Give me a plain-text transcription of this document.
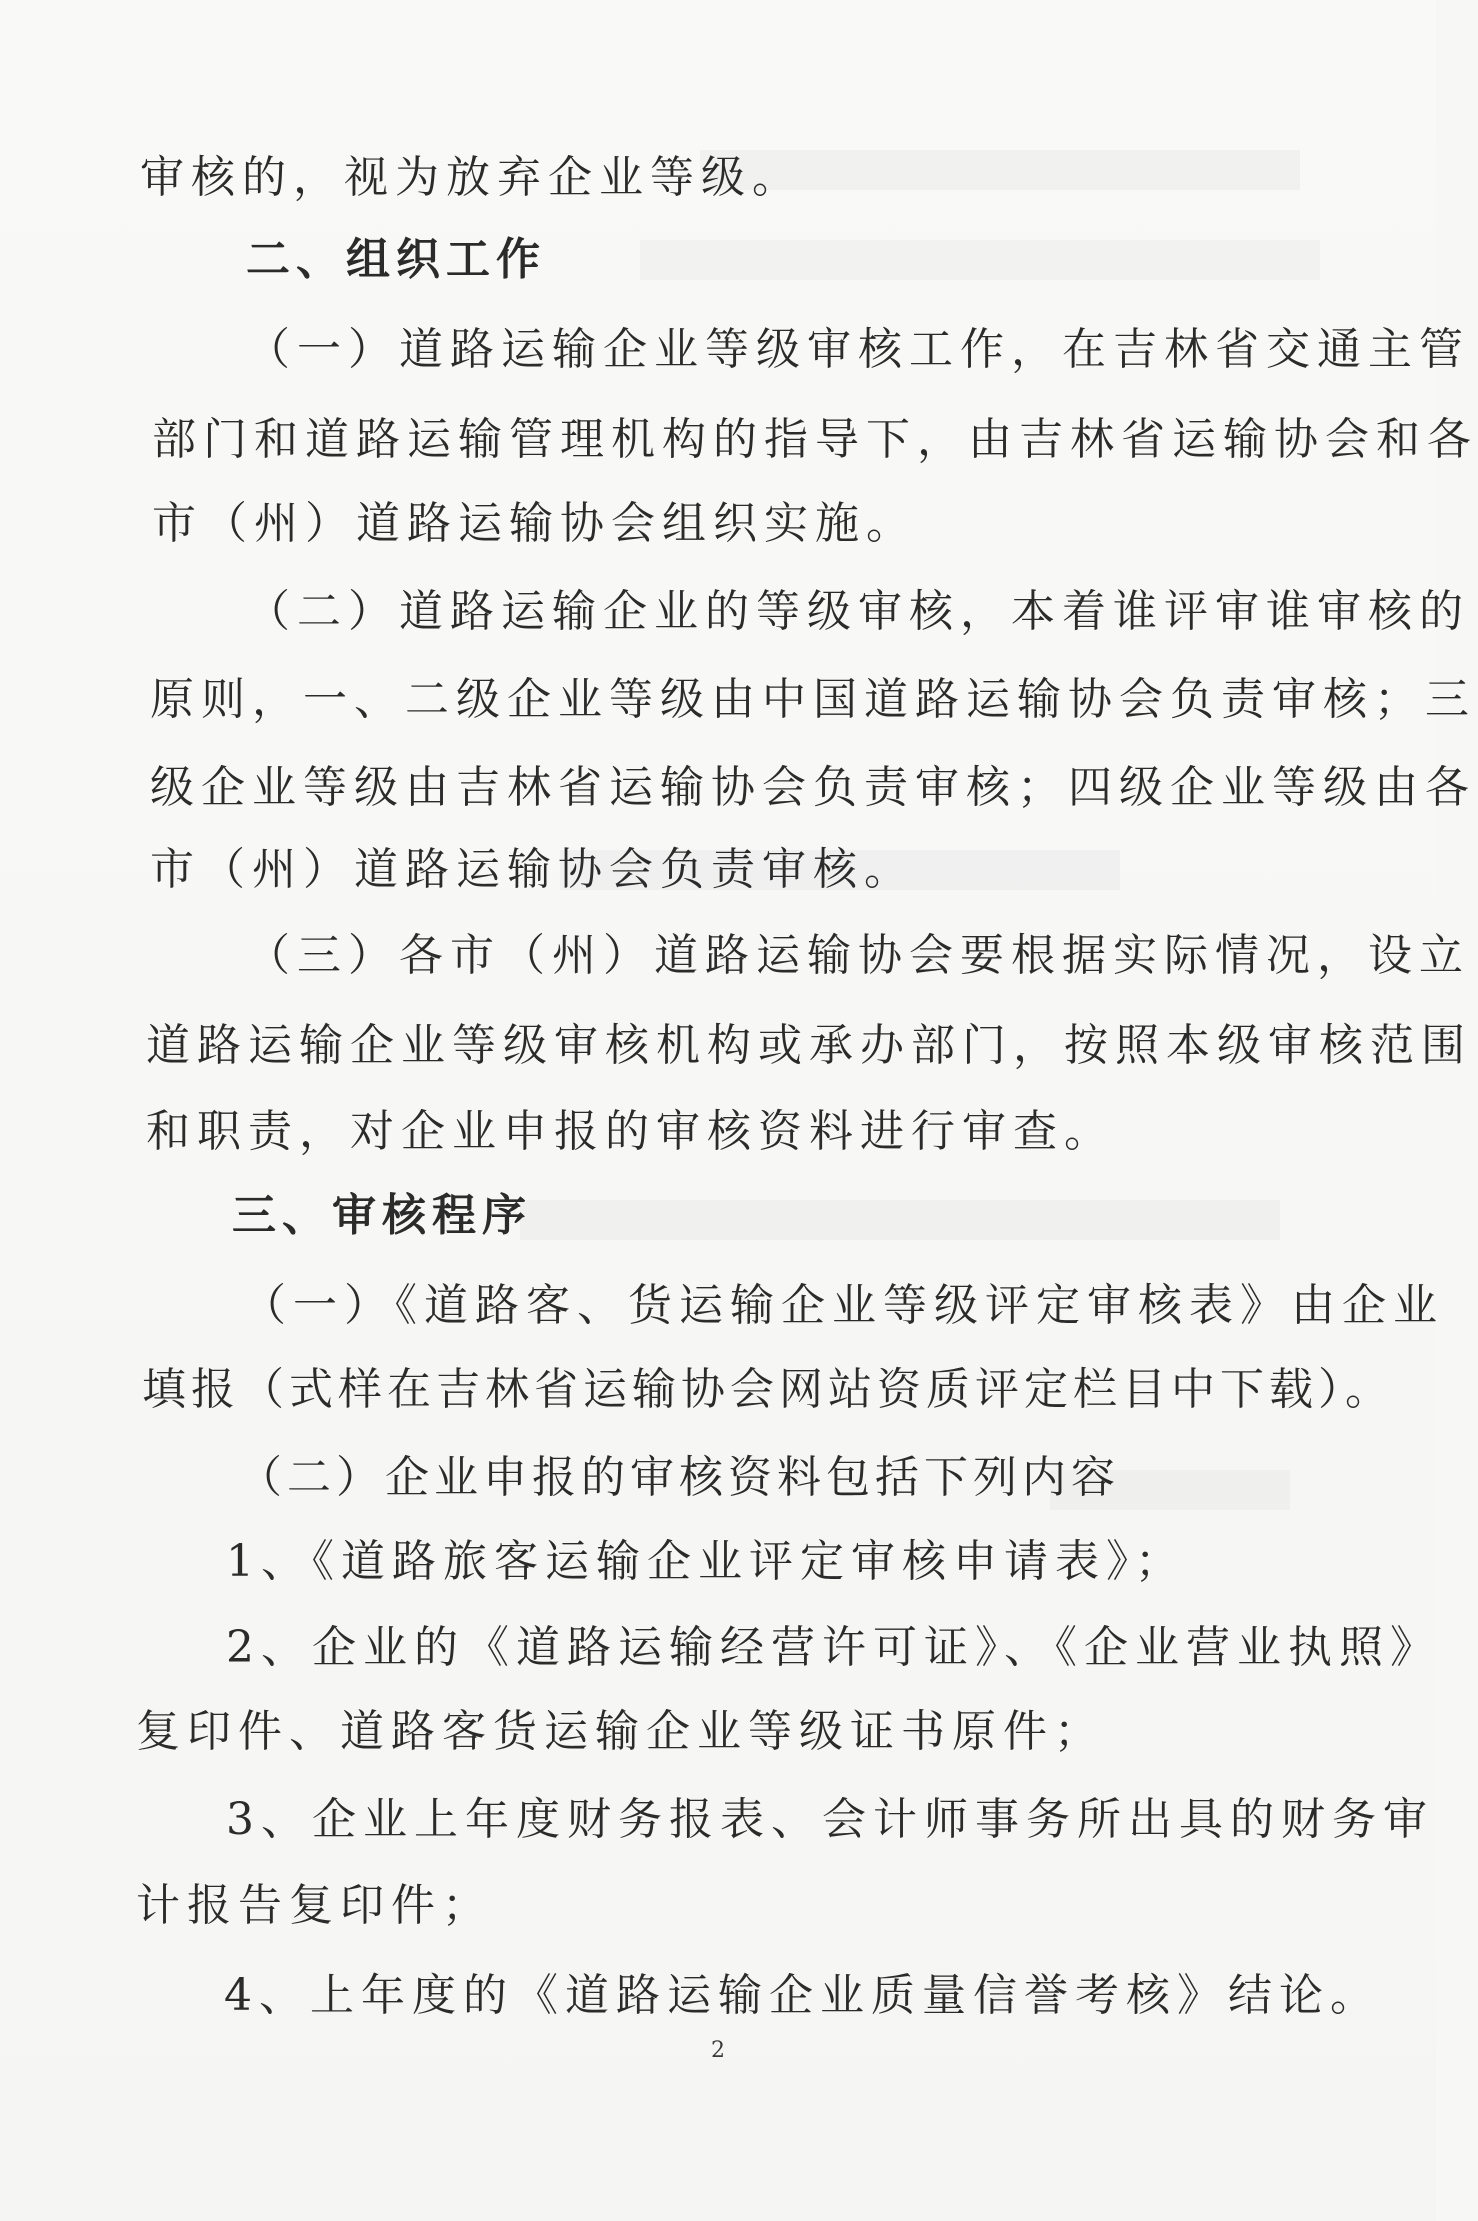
审核的，视为放弃企业等级。
二、组织工作
（一）道路运输企业等级审核工作，在吉林省交通主管
部门和道路运输管理机构的指导下，由吉林省运输协会和各
市（州）道路运输协会组织实施。
（二）道路运输企业的等级审核，本着谁评审谁审核的
原则，一、二级企业等级由中国道路运输协会负责审核；三
级企业等级由吉林省运输协会负责审核；四级企业等级由各
市（州）道路运输协会负责审核。
（三）各市（州）道路运输协会要根据实际情况，设立
道路运输企业等级审核机构或承办部门，按照本级审核范围
和职责，对企业申报的审核资料进行审查。
三、审核程序
（一）《道路客、货运输企业等级评定审核表》由企业
填报（式样在吉林省运输协会网站资质评定栏目中下载）。
（二）企业申报的审核资料包括下列内容
1、《道路旅客运输企业评定审核申请表》；
2、企业的《道路运输经营许可证》、《企业营业执照》
复印件、道路客货运输企业等级证书原件；
3、企业上年度财务报表、会计师事务所出具的财务审
计报告复印件；
4、上年度的《道路运输企业质量信誉考核》结论。
2
